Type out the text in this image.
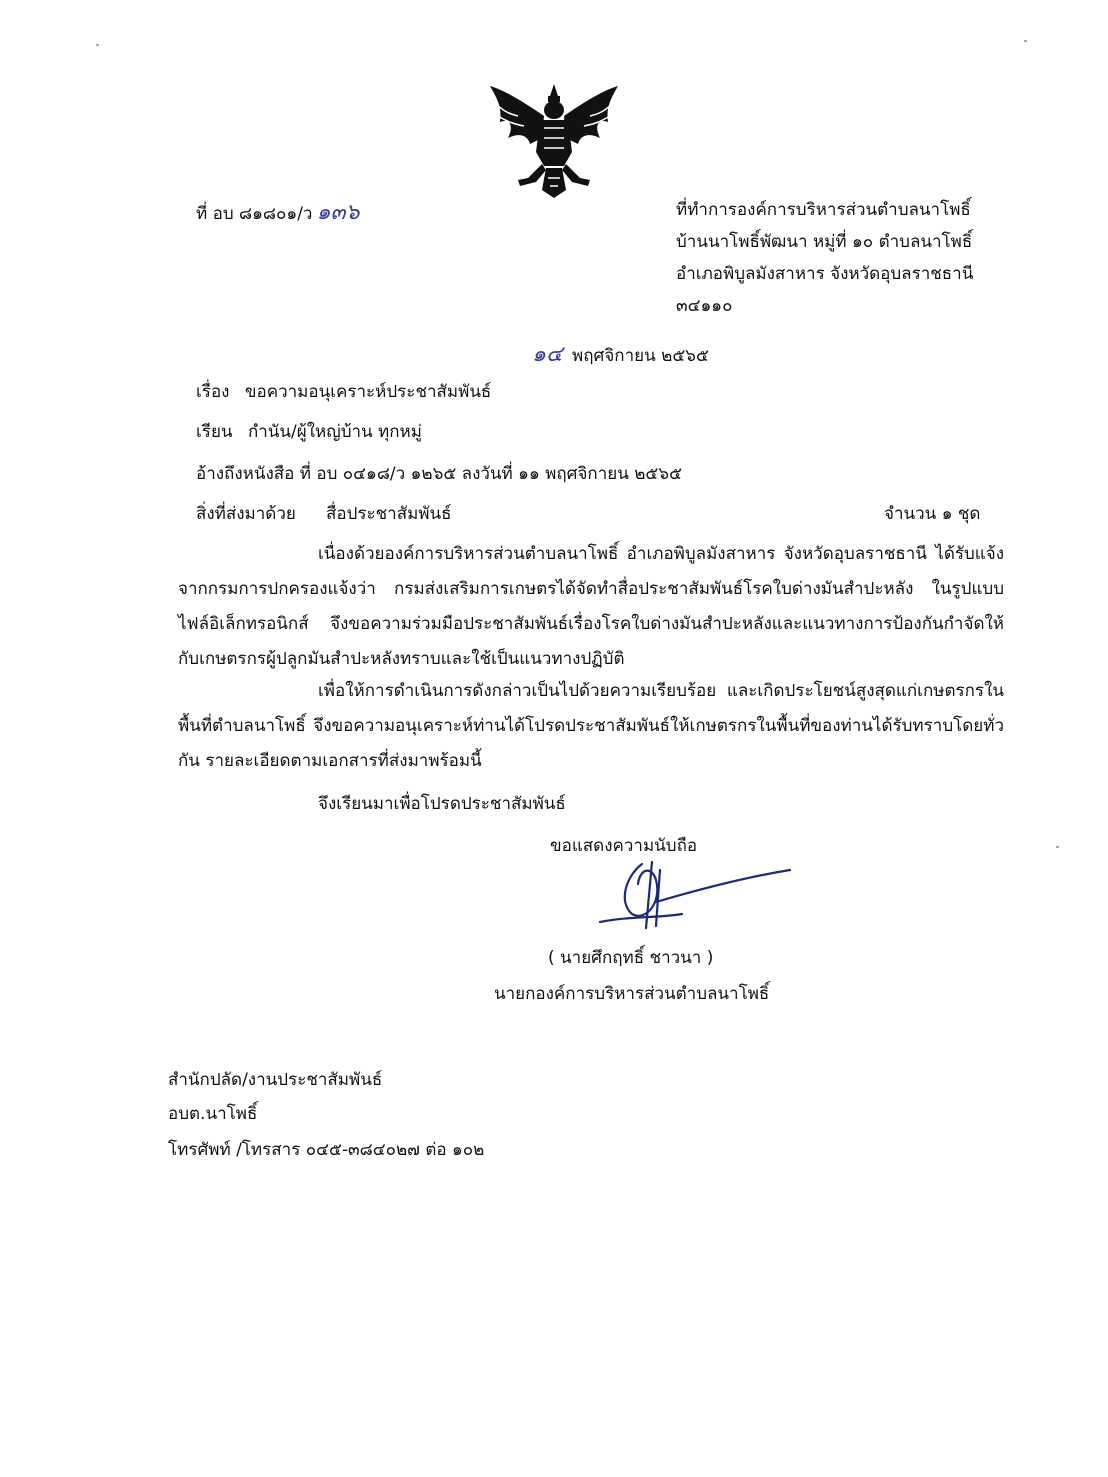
ที่ อบ ๘๑๘๐๑/ว ๑๓๖	ที่ทำการองค์การบริหารส่วนตำบลนาโพธิ์
บ้านนาโพธิ์พัฒนา หมู่ที่ ๑๐ ตำบลนาโพธิ์
อำเภอพิบูลมังสาหาร จังหวัดอุบลราชธานี
๓๔๑๑๐
๑๔ พฤศจิกายน ๒๕๖๕
เรื่อง ขอความอนุเคราะห์ประชาสัมพันธ์
เรียน กำนัน/ผู้ใหญ่บ้าน ทุกหมู่
อ้างถึงหนังสือ ที่ อบ ๐๔๑๘/ว ๑๒๖๕ ลงวันที่ ๑๑ พฤศจิกายน ๒๕๖๕
สิ่งที่ส่งมาด้วย สื่อประชาสัมพันธ์	จำนวน ๑ ชุด
เนื่องด้วยองค์การบริหารส่วนตำบลนาโพธิ์ อำเภอพิบูลมังสาหาร จังหวัดอุบลราชธานี ได้รับแจ้งจากกรมการปกครองแจ้งว่า กรมส่งเสริมการเกษตรได้จัดทำสื่อประชาสัมพันธ์โรคใบด่างมันสำปะหลัง ในรูปแบบไฟล์อิเล็กทรอนิกส์ จึงขอความร่วมมือประชาสัมพันธ์เรื่องโรคใบด่างมันสำปะหลังและแนวทางการป้องกันกำจัดให้กับเกษตรกรผู้ปลูกมันสำปะหลังทราบและใช้เป็นแนวทางปฏิบัติ
เพื่อให้การดำเนินการดังกล่าวเป็นไปด้วยความเรียบร้อย และเกิดประโยชน์สูงสุดแก่เกษตรกรในพื้นที่ตำบลนาโพธิ์ จึงขอความอนุเคราะห์ท่านได้โปรดประชาสัมพันธ์ให้เกษตรกรในพื้นที่ของท่านได้รับทราบโดยทั่วกัน รายละเอียดตามเอกสารที่ส่งมาพร้อมนี้
จึงเรียนมาเพื่อโปรดประชาสัมพันธ์
ขอแสดงความนับถือ
( นายศึกฤทธิ์ ชาวนา )
นายกองค์การบริหารส่วนตำบลนาโพธิ์
สำนักปลัด/งานประชาสัมพันธ์
อบต.นาโพธิ์
โทรศัพท์ /โทรสาร ๐๔๕-๓๘๔๐๒๗ ต่อ ๑๐๒
